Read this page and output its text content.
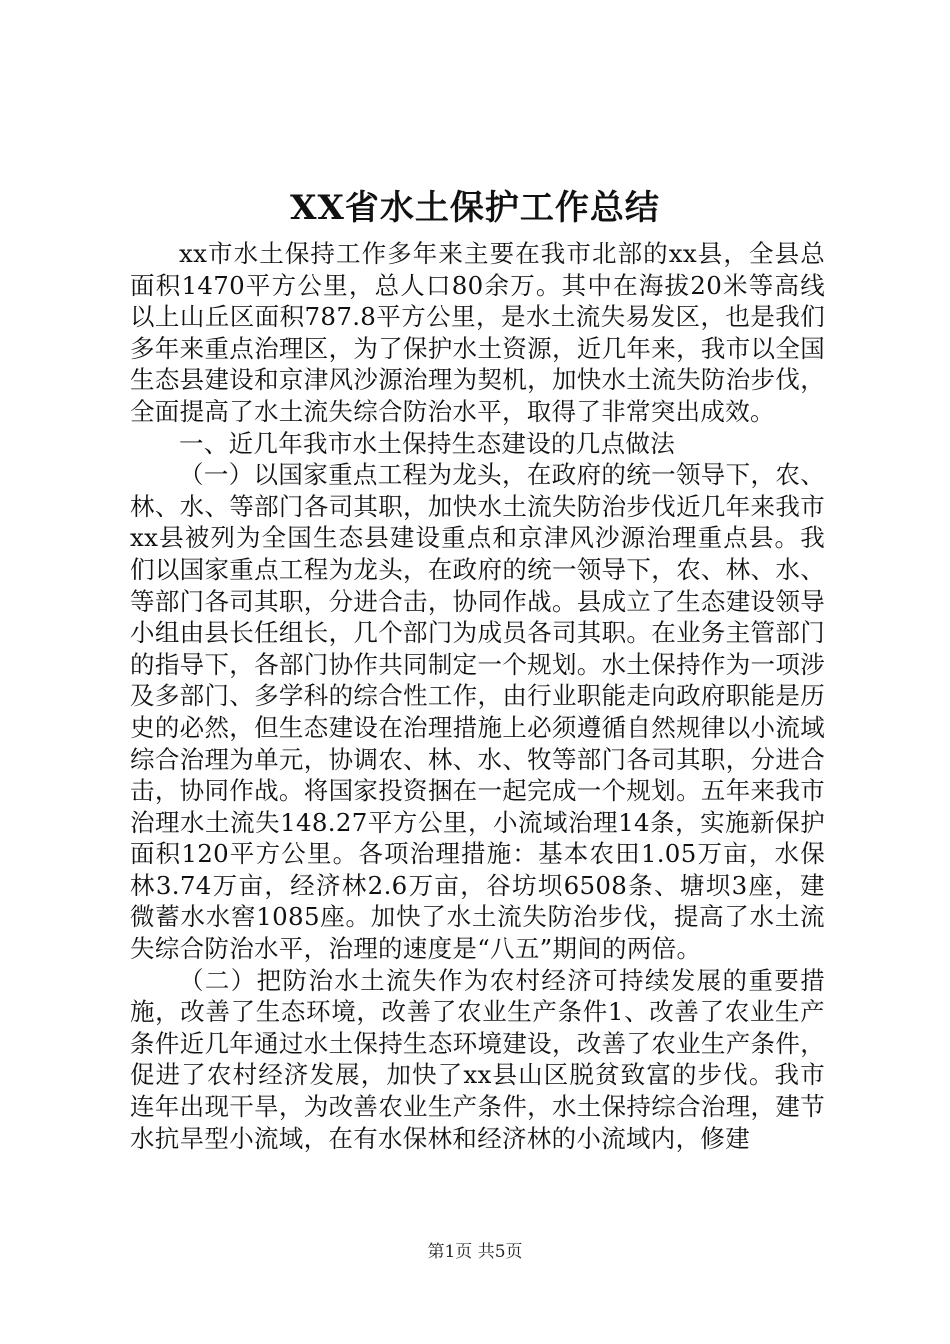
XX省水土保护工作总结

xx市水土保持工作多年来主要在我市北部的xx县，全县总面积1470平方公里，总人口80余万。其中在海拔20米等高线以上山丘区面积787.8平方公里，是水土流失易发区，也是我们多年来重点治理区，为了保护水土资源，近几年来，我市以全国生态县建设和京津风沙源治理为契机，加快水土流失防治步伐，全面提高了水土流失综合防治水平，取得了非常突出成效。

一、近几年我市水土保持生态建设的几点做法

（一）以国家重点工程为龙头，在政府的统一领导下，农、林、水、等部门各司其职，加快水土流失防治步伐近几年来我市xx县被列为全国生态县建设重点和京津风沙源治理重点县。我们以国家重点工程为龙头，在政府的统一领导下，农、林、水、等部门各司其职，分进合击，协同作战。县成立了生态建设领导小组由县长任组长，几个部门为成员各司其职。在业务主管部门的指导下，各部门协作共同制定一个规划。水土保持作为一项涉及多部门、多学科的综合性工作，由行业职能走向政府职能是历史的必然，但生态建设在治理措施上必须遵循自然规律以小流域综合治理为单元，协调农、林、水、牧等部门各司其职，分进合击，协同作战。将国家投资捆在一起完成一个规划。五年来我市治理水土流失148.27平方公里，小流域治理14条，实施新保护面积120平方公里。各项治理措施：基本农田1.05万亩，水保林3.74万亩，经济林2.6万亩，谷坊坝6508条、塘坝3座，建微蓄水水窖1085座。加快了水土流失防治步伐，提高了水土流失综合防治水平，治理的速度是“八五”期间的两倍。

（二）把防治水土流失作为农村经济可持续发展的重要措施，改善了生态环境，改善了农业生产条件1、改善了农业生产条件近几年通过水土保持生态环境建设，改善了农业生产条件，促进了农村经济发展，加快了xx县山区脱贫致富的步伐。我市连年出现干旱，为改善农业生产条件，水土保持综合治理，建节水抗旱型小流域，在有水保林和经济林的小流域内，修建

第1页 共5页
